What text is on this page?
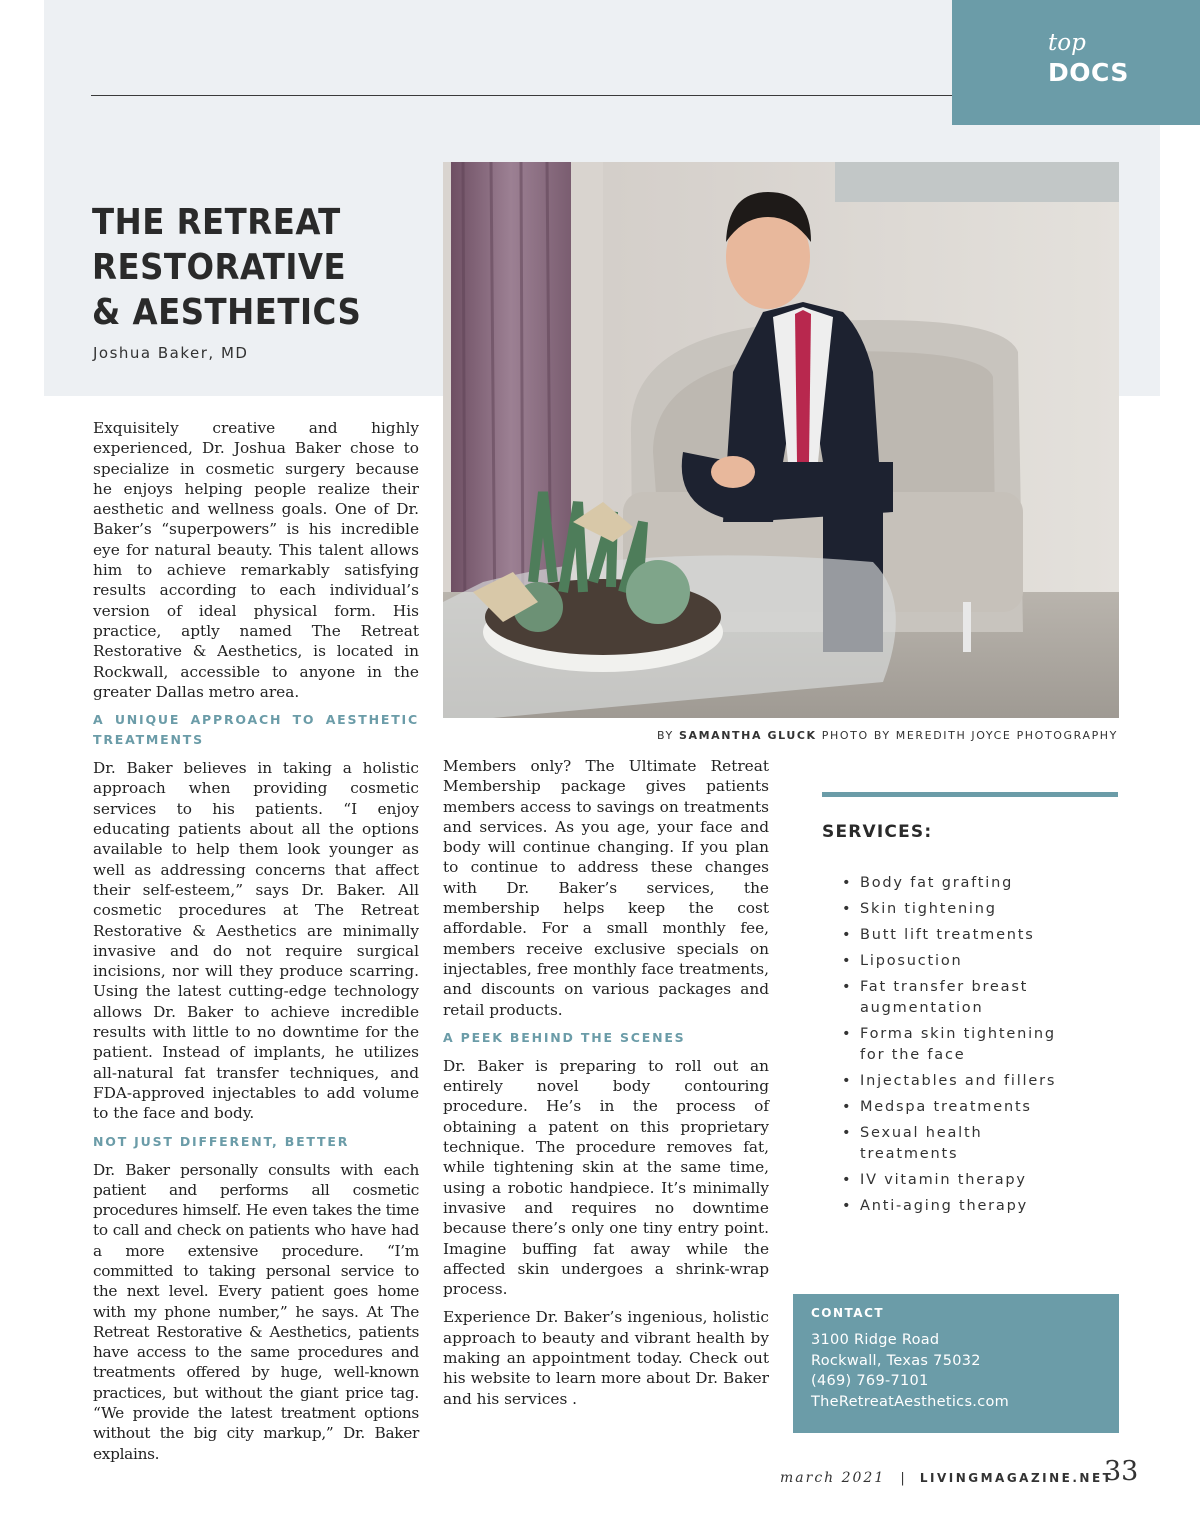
top
DOCS
THE RETREAT
RESTORATIVE
& AESTHETICS
Joshua Baker, MD
BY SAMANTHA GLUCK PHOTO BY MEREDITH JOYCE PHOTOGRAPHY

Exquisitely creative and highly experienced, Dr. Joshua Baker chose to specialize in cosmetic surgery because he enjoys helping people realize their aesthetic and wellness goals. One of Dr. Baker’s “superpowers” is his incredible eye for natural beauty. This talent allows him to achieve remarkably satisfying results according to each individual’s version of ideal physical form. His practice, aptly named The Retreat Restorative & Aesthetics, is located in Rockwall, accessible to anyone in the greater Dallas metro area.

A UNIQUE APPROACH TO AESTHETIC TREATMENTS

Dr. Baker believes in taking a holistic approach when providing cosmetic services to his patients. “I enjoy educating patients about all the options available to help them look younger as well as addressing concerns that affect their self-esteem,” says Dr. Baker. All cosmetic procedures at The Retreat Restorative & Aesthetics are minimally invasive and do not require surgical incisions, nor will they produce scarring. Using the latest cutting-edge technology allows Dr. Baker to achieve incredible results with little to no downtime for the patient. Instead of implants, he utilizes all-natural fat transfer techniques, and FDA-approved injectables to add volume to the face and body.

NOT JUST DIFFERENT, BETTER

Dr. Baker personally consults with each patient and performs all cosmetic procedures himself. He even takes the time to call and check on patients who have had a more extensive procedure. “I’m committed to taking personal service to the next level. Every patient goes home with my phone number,” he says. At The Retreat Restorative & Aesthetics, patients have access to the same procedures and treatments offered by huge, well-known practices, but without the giant price tag. “We provide the latest treatment options without the big city markup,” Dr. Baker explains.

Members only? The Ultimate Retreat Membership package gives patients members access to savings on treatments and services. As you age, your face and body will continue changing. If you plan to continue to address these changes with Dr. Baker’s services, the membership helps keep the cost affordable. For a small monthly fee, members receive exclusive specials on injectables, free monthly face treatments, and discounts on various packages and retail products.

A PEEK BEHIND THE SCENES

Dr. Baker is preparing to roll out an entirely novel body contouring procedure. He’s in the process of obtaining a patent on this proprietary technique. The procedure removes fat, while tightening skin at the same time, using a robotic handpiece. It’s minimally invasive and requires no downtime because there’s only one tiny entry point. Imagine buffing fat away while the affected skin undergoes a shrink-wrap process.

Experience Dr. Baker’s ingenious, holistic approach to beauty and vibrant health by making an appointment today. Check out his website to learn more about Dr. Baker and his services .

SERVICES:
• Body fat grafting
• Skin tightening
• Butt lift treatments
• Liposuction
• Fat transfer breast augmentation
• Forma skin tightening for the face
• Injectables and fillers
• Medspa treatments
• Sexual health treatments
• IV vitamin therapy
• Anti-aging therapy
CONTACT
3100 Ridge Road
Rockwall, Texas 75032
(469) 769-7101
TheRetreatAesthetics.com
march 2021 | LIVINGMAGAZINE.NET
33
